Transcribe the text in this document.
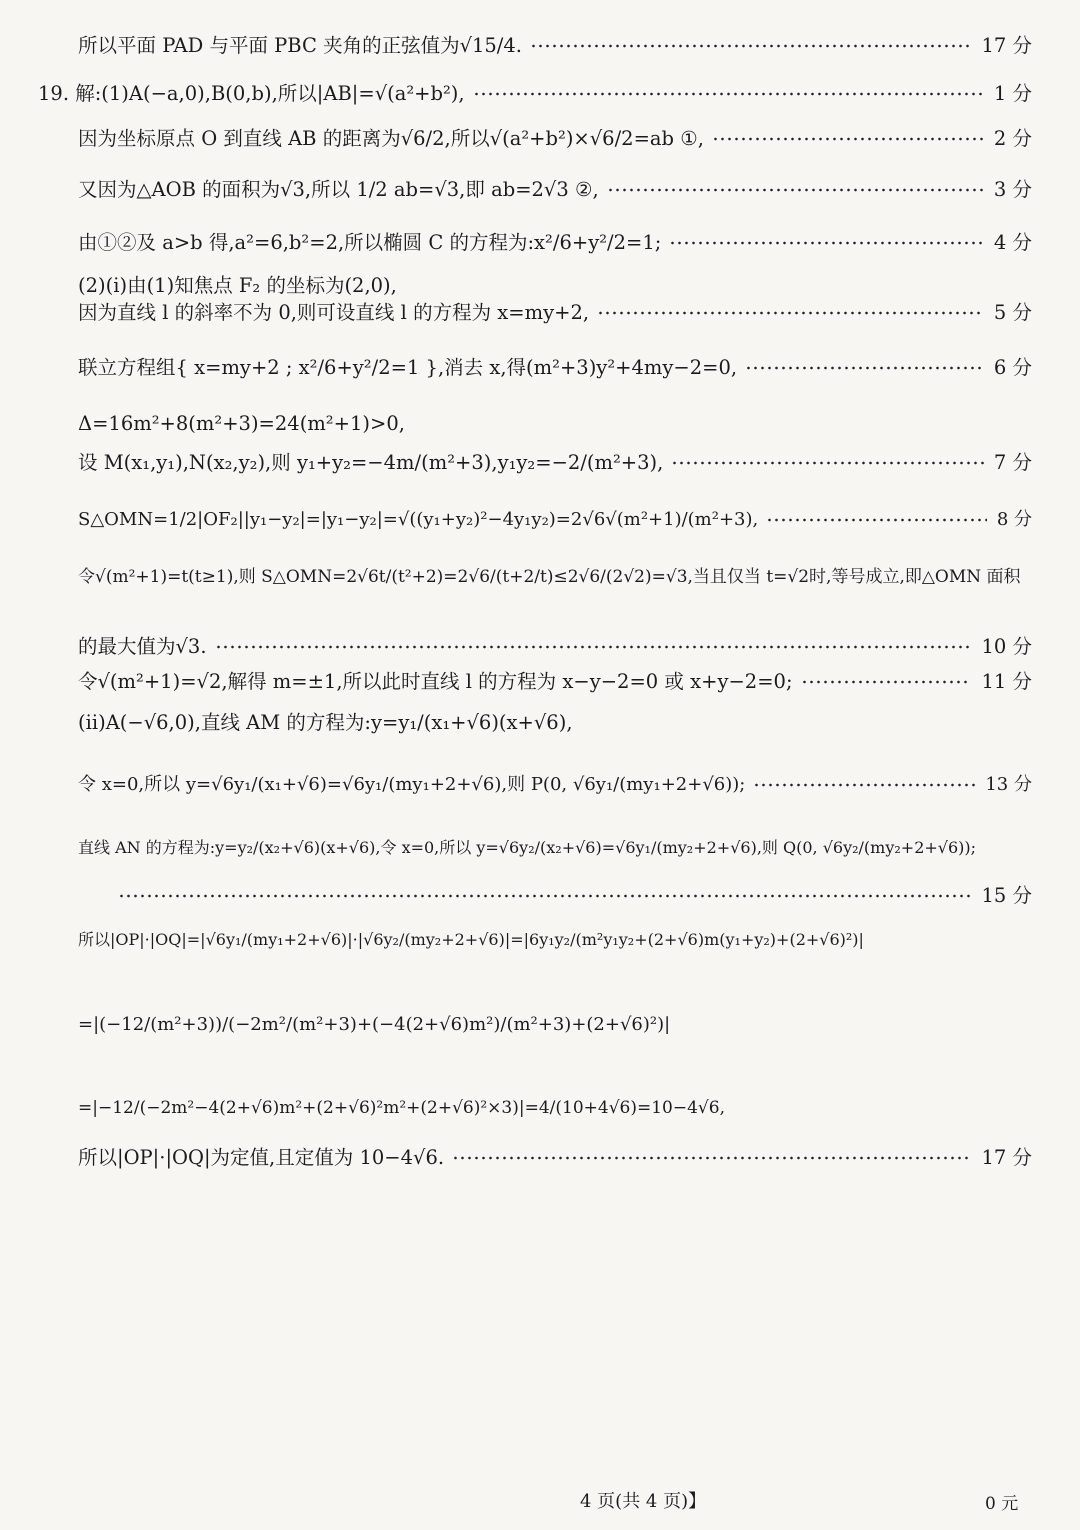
所以平面 PAD 与平面 PBC 夹角的正弦值为√15/4.	17 分
19. 解:(1)A(−a,0),B(0,b),所以|AB|=√(a²+b²),	1 分
因为坐标原点 O 到直线 AB 的距离为√6/2,所以√(a²+b²)×√6/2=ab ①,	2 分
又因为△AOB 的面积为√3,所以 1/2 ab=√3,即 ab=2√3 ②,	3 分
由①②及 a>b 得,a²=6,b²=2,所以椭圆 C 的方程为:x²/6+y²/2=1;	4 分
(2)(i)由(1)知焦点 F₂ 的坐标为(2,0),
因为直线 l 的斜率不为 0,则可设直线 l 的方程为 x=my+2,	5 分
联立方程组{ x=my+2 ; x²/6+y²/2=1 },消去 x,得(m²+3)y²+4my−2=0,	6 分
Δ=16m²+8(m²+3)=24(m²+1)>0,
设 M(x₁,y₁),N(x₂,y₂),则 y₁+y₂=−4m/(m²+3),y₁y₂=−2/(m²+3),	7 分
S△OMN=1/2|OF₂||y₁−y₂|=|y₁−y₂|=√((y₁+y₂)²−4y₁y₂)=2√6√(m²+1)/(m²+3),	8 分
令√(m²+1)=t(t≥1),则 S△OMN=2√6t/(t²+2)=2√6/(t+2/t)≤2√6/(2√2)=√3,当且仅当 t=√2时,等号成立,即△OMN 面积
的最大值为√3.	10 分
令√(m²+1)=√2,解得 m=±1,所以此时直线 l 的方程为 x−y−2=0 或 x+y−2=0;	11 分
(ii)A(−√6,0),直线 AM 的方程为:y=y₁/(x₁+√6)(x+√6),
令 x=0,所以 y=√6y₁/(x₁+√6)=√6y₁/(my₁+2+√6),则 P(0, √6y₁/(my₁+2+√6));	13 分
直线 AN 的方程为:y=y₂/(x₂+√6)(x+√6),令 x=0,所以 y=√6y₂/(x₂+√6)=√6y₁/(my₂+2+√6),则 Q(0, √6y₂/(my₂+2+√6));
15 分
所以|OP|·|OQ|=|√6y₁/(my₁+2+√6)|·|√6y₂/(my₂+2+√6)|=|6y₁y₂/(m²y₁y₂+(2+√6)m(y₁+y₂)+(2+√6)²)|
=|(−12/(m²+3))/(−2m²/(m²+3)+(−4(2+√6)m²)/(m²+3)+(2+√6)²)|
=|−12/(−2m²−4(2+√6)m²+(2+√6)²m²+(2+√6)²×3)|=4/(10+4√6)=10−4√6,
所以|OP|·|OQ|为定值,且定值为 10−4√6.	17 分
4 页(共 4 页)】	0 元
